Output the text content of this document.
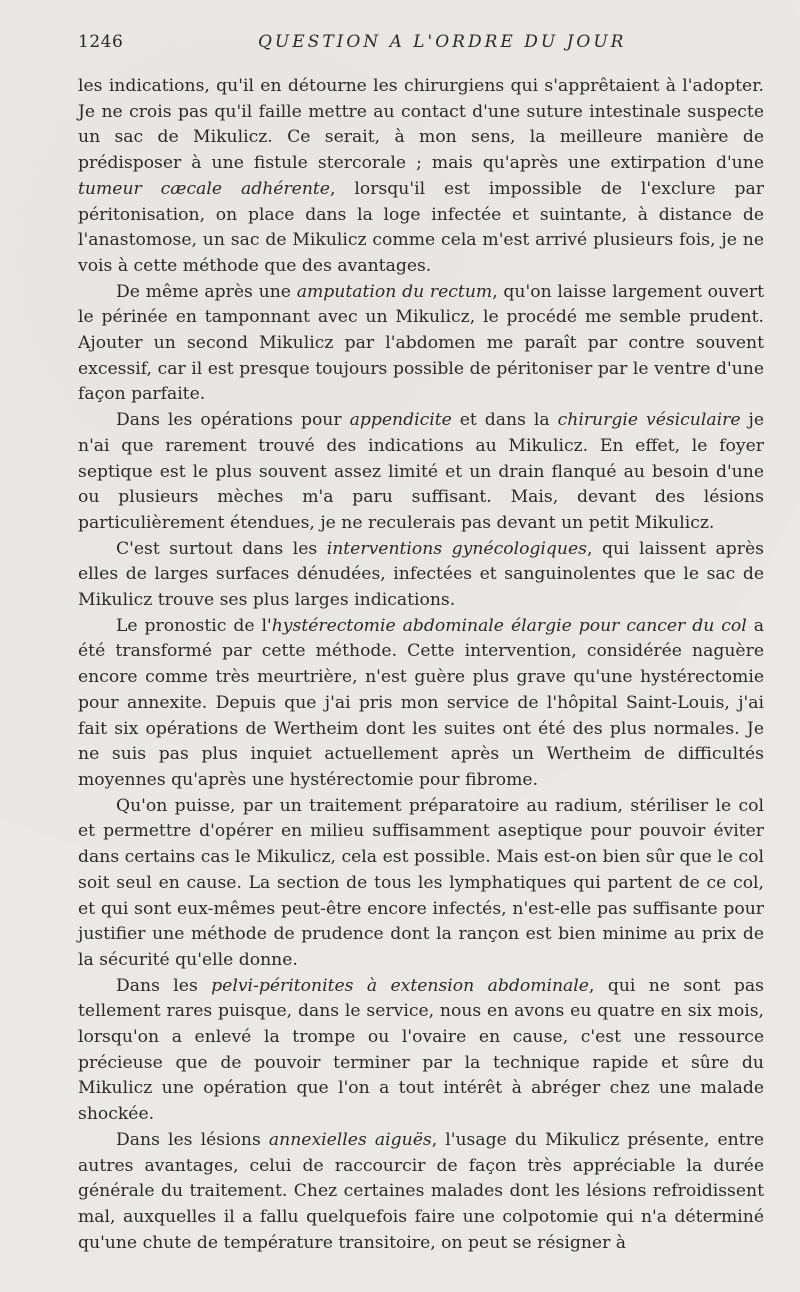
1246	QUESTION A L'ORDRE DU JOUR

les indications, qu'il en détourne les chirurgiens qui s'apprêtaient à l'adopter. Je ne crois pas qu'il faille mettre au contact d'une suture intestinale suspecte un sac de Mikulicz. Ce serait, à mon sens, la meilleure manière de prédisposer à une fistule stercorale ; mais qu'après une extirpation d'une tumeur cæcale adhérente, lorsqu'il est impossible de l'exclure par péritonisation, on place dans la loge infectée et suintante, à distance de l'anastomose, un sac de Mikulicz comme cela m'est arrivé plusieurs fois, je ne vois à cette méthode que des avantages.

De même après une amputation du rectum, qu'on laisse largement ouvert le périnée en tamponnant avec un Mikulicz, le procédé me semble prudent. Ajouter un second Mikulicz par l'abdomen me paraît par contre souvent excessif, car il est presque toujours possible de péritoniser par le ventre d'une façon parfaite.

Dans les opérations pour appendicite et dans la chirurgie vésiculaire je n'ai que rarement trouvé des indications au Mikulicz. En effet, le foyer septique est le plus souvent assez limité et un drain flanqué au besoin d'une ou plusieurs mèches m'a paru suffisant. Mais, devant des lésions particulièrement étendues, je ne reculerais pas devant un petit Mikulicz.

C'est surtout dans les interventions gynécologiques, qui laissent après elles de larges surfaces dénudées, infectées et sanguinolentes que le sac de Mikulicz trouve ses plus larges indications.

Le pronostic de l'hystérectomie abdominale élargie pour cancer du col a été transformé par cette méthode. Cette intervention, considérée naguère encore comme très meurtrière, n'est guère plus grave qu'une hystérectomie pour annexite. Depuis que j'ai pris mon service de l'hôpital Saint-Louis, j'ai fait six opérations de Wertheim dont les suites ont été des plus normales. Je ne suis pas plus inquiet actuellement après un Wertheim de difficultés moyennes qu'après une hystérectomie pour fibrome.

Qu'on puisse, par un traitement préparatoire au radium, stériliser le col et permettre d'opérer en milieu suffisamment aseptique pour pouvoir éviter dans certains cas le Mikulicz, cela est possible. Mais est-on bien sûr que le col soit seul en cause. La section de tous les lymphatiques qui partent de ce col, et qui sont eux-mêmes peut-être encore infectés, n'est-elle pas suffisante pour justifier une méthode de prudence dont la rançon est bien minime au prix de la sécurité qu'elle donne.

Dans les pelvi-péritonites à extension abdominale, qui ne sont pas tellement rares puisque, dans le service, nous en avons eu quatre en six mois, lorsqu'on a enlevé la trompe ou l'ovaire en cause, c'est une ressource précieuse que de pouvoir terminer par la technique rapide et sûre du Mikulicz une opération que l'on a tout intérêt à abréger chez une malade shockée.

Dans les lésions annexielles aiguës, l'usage du Mikulicz présente, entre autres avantages, celui de raccourcir de façon très appréciable la durée générale du traitement. Chez certaines malades dont les lésions refroidissent mal, auxquelles il a fallu quelquefois faire une colpotomie qui n'a déterminé qu'une chute de température transitoire, on peut se résigner à
